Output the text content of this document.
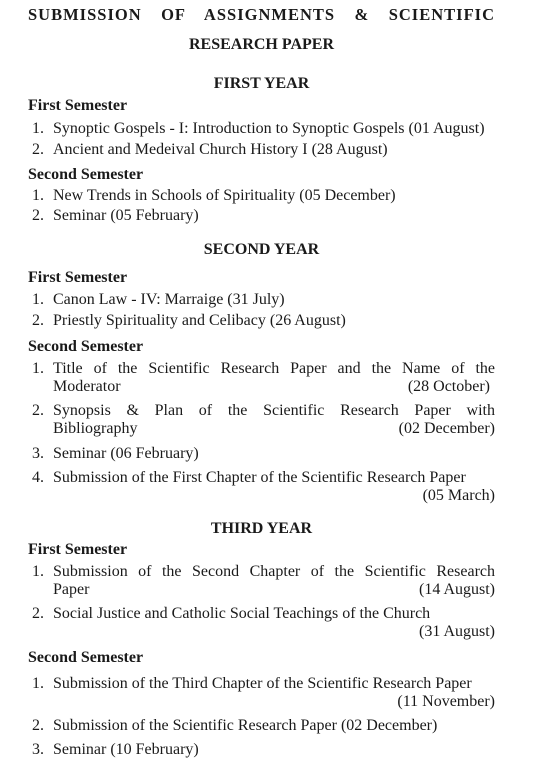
SUBMISSION OF ASSIGNMENTS & SCIENTIFIC
RESEARCH PAPER
FIRST YEAR
First Semester
1. Synoptic Gospels - I: Introduction to Synoptic Gospels (01 August)
2. Ancient and Medeival Church History I (28 August)
Second Semester
1. New Trends in Schools of Spirituality (05 December)
2. Seminar (05 February)
SECOND YEAR
First Semester
1. Canon Law - IV: Marraige (31 July)
2. Priestly Spirituality and Celibacy (26 August)
Second Semester
1. Title of the Scientific Research Paper and the Name of the
Moderator	(28 October)
2. Synopsis & Plan of the Scientific Research Paper with
Bibliography	(02 December)
3. Seminar (06 February)
4. Submission of the First Chapter of the Scientific Research Paper
(05 March)
THIRD YEAR
First Semester
1. Submission of the Second Chapter of the Scientific Research
Paper	(14 August)
2. Social Justice and Catholic Social Teachings of the Church
(31 August)
Second Semester
1. Submission of the Third Chapter of the Scientific Research Paper
(11 November)
2. Submission of the Scientific Research Paper (02 December)
3. Seminar (10 February)
